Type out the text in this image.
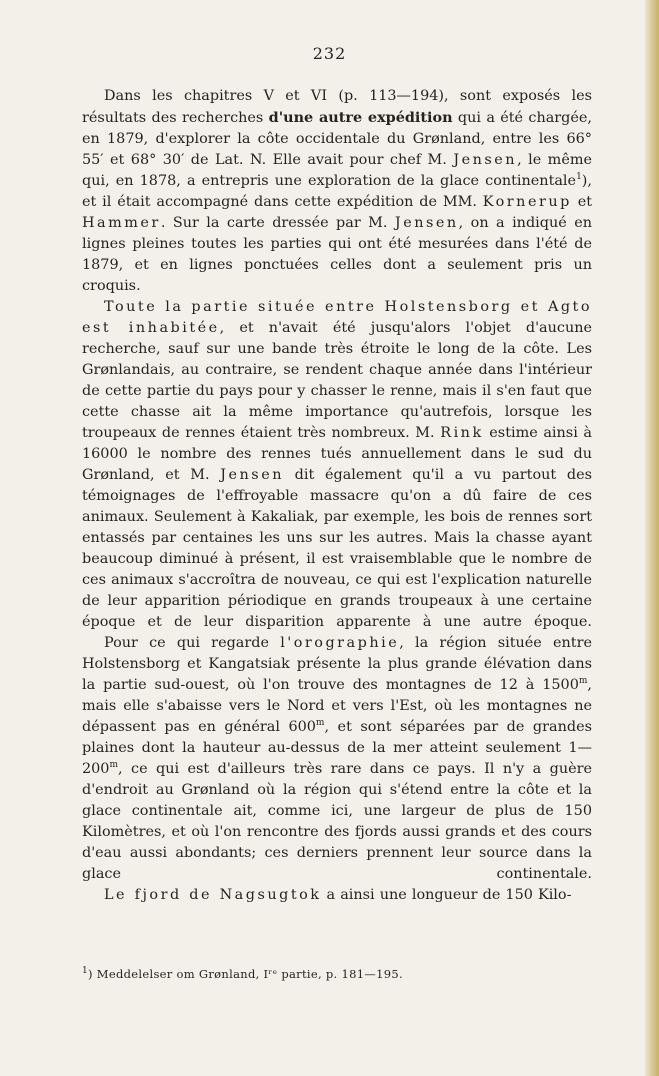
232

Dans les chapitres V et VI (p. 113—194), sont exposés les résultats des recherches d'une autre expédition qui a été chargée, en 1879, d'explorer la côte occidentale du Grønland, entre les 66° 55′ et 68° 30′ de Lat. N. Elle avait pour chef M. Jensen, le même qui, en 1878, a entrepris une exploration de la glace continentale$^1$), et il était accompagné dans cette expédition de MM. Kornerup et Hammer. Sur la carte dressée par M. Jensen, on a indiqué en lignes pleines toutes les parties qui ont été mesurées dans l'été de 1879, et en lignes ponctuées celles dont a seulement pris un croquis.

Toute la partie située entre Holstensborg et Agto est inhabitée, et n'avait été jusqu'alors l'objet d'aucune recherche, sauf sur une bande très étroite le long de la côte. Les Grønlandais, au contraire, se rendent chaque année dans l'intérieur de cette partie du pays pour y chasser le renne, mais il s'en faut que cette chasse ait la même importance qu'autrefois, lorsque les troupeaux de rennes étaient très nombreux. M. Rink estime ainsi à 16000 le nombre des rennes tués annuellement dans le sud du Grønland, et M. Jensen dit également qu'il a vu partout des témoignages de l'effroyable massacre qu'on a dû faire de ces animaux. Seulement à Kakaliak, par exemple, les bois de rennes sort entassés par centaines les uns sur les autres. Mais la chasse ayant beaucoup diminué à présent, il est vraisemblable que le nombre de ces animaux s'accroîtra de nouveau, ce qui est l'explication naturelle de leur apparition périodique en grands troupeaux à une certaine époque et de leur disparition apparente à une autre époque.

Pour ce qui regarde l'orographie, la région située entre Holstensborg et Kangatsiak présente la plus grande élévation dans la partie sud-ouest, où l'on trouve des montagnes de 12 à 1500$^m$, mais elle s'abaisse vers le Nord et vers l'Est, où les montagnes ne dépassent pas en général 600$^m$, et sont séparées par de grandes plaines dont la hauteur au-dessus de la mer atteint seulement 1—200$^m$, ce qui est d'ailleurs très rare dans ce pays. Il n'y a guère d'endroit au Grønland où la région qui s'étend entre la côte et la glace continentale ait, comme ici, une largeur de plus de 150 Kilomètres, et où l'on rencontre des fjords aussi grands et des cours d'eau aussi abondants; ces derniers prennent leur source dans la glace continentale.

Le fjord de Nagsugtok a ainsi une longueur de 150 Kilo-

$^1$) Meddelelser om Grønland, Iʳᵉ partie, p. 181—195.
